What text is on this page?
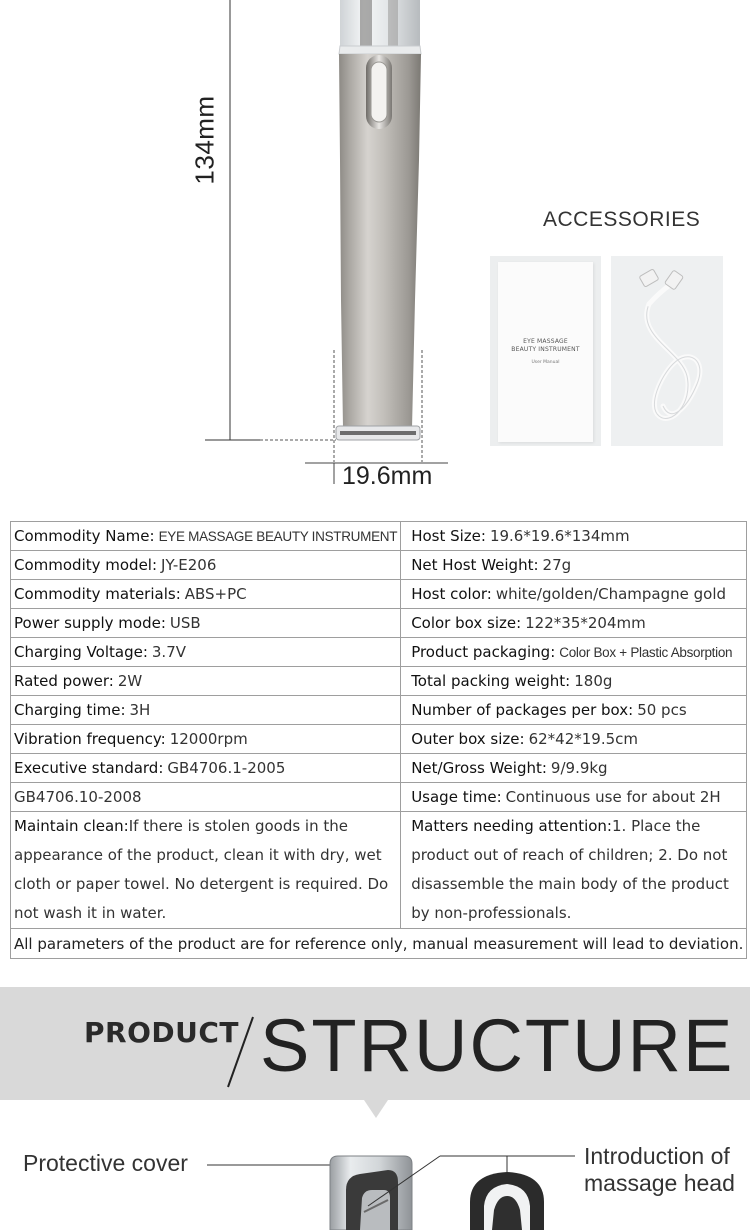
134mm
19.6mm
ACCESSORIES
EYE MASSAGE
BEAUTY INSTRUMENT
User Manual
Commodity Name: EYE MASSAGE BEAUTY INSTRUMENT	Host Size: 19.6*19.6*134mm
Commodity model: JY-E206	Net Host Weight: 27g
Commodity materials: ABS+PC	Host color: white/golden/Champagne gold
Power supply mode: USB	Color box size: 122*35*204mm
Charging Voltage: 3.7V	Product packaging: Color Box + Plastic Absorption
Rated power: 2W	Total packing weight: 180g
Charging time: 3H	Number of packages per box: 50 pcs
Vibration frequency: 12000rpm	Outer box size: 62*42*19.5cm
Executive standard: GB4706.1-2005	Net/Gross Weight: 9/9.9kg
GB4706.10-2008	Usage time: Continuous use for about 2H
Maintain clean:If there is stolen goods in the appearance of the product, clean it with dry, wet cloth or paper towel. No detergent is required. Do not wash it in water.	Matters needing attention:1. Place the product out of reach of children; 2. Do not disassemble the main body of the product by non-professionals.
All parameters of the product are for reference only, manual measurement will lead to deviation.	
PRODUCT STRUCTURE
Protective cover	Introduction of massage head
